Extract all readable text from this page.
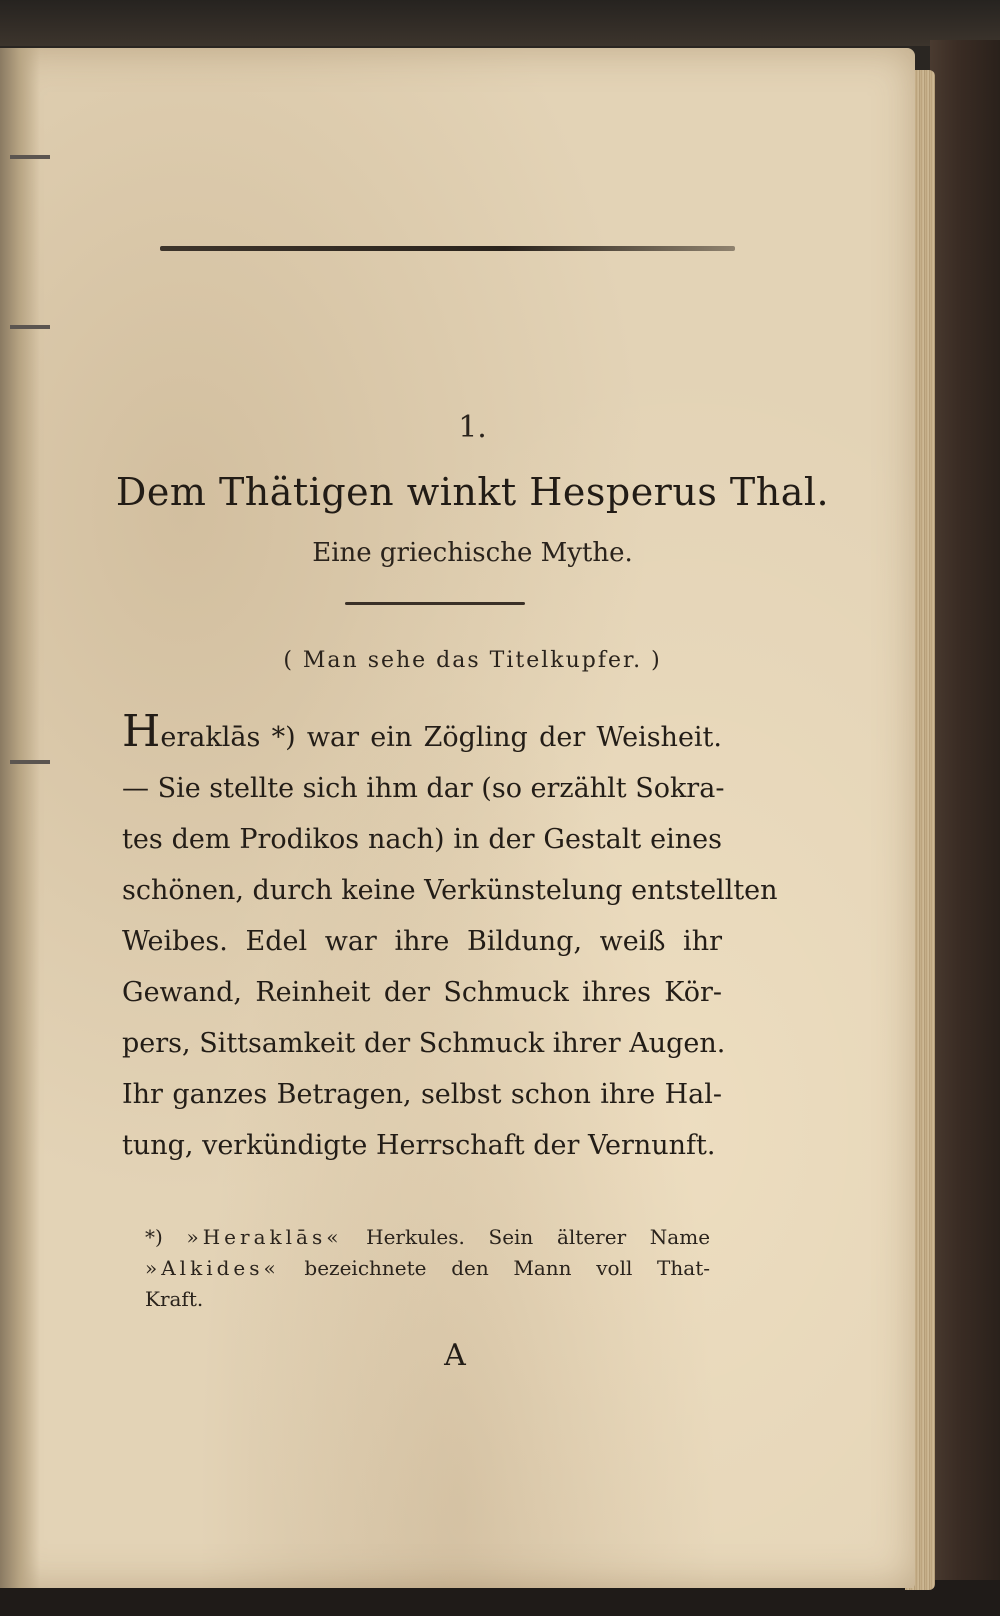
1.
Dem Thätigen winkt Hesperus Thal.
Eine griechische Mythe.
( Man sehe das Titelkupfer. )
Heraklās *) war ein Zögling der Weisheit.
— Sie stellte sich ihm dar (so erzählt Sokra-
tes dem Prodikos nach) in der Gestalt eines
schönen, durch keine Verkünstelung entstellten
Weibes. Edel war ihre Bildung, weiß ihr
Gewand, Reinheit der Schmuck ihres Kör-
pers, Sittsamkeit der Schmuck ihrer Augen.
Ihr ganzes Betragen, selbst schon ihre Hal-
tung, verkündigte Herrschaft der Vernunft.
*) »Heraklās« Herkules. Sein älterer Name
»Alkides« bezeichnete den Mann voll That-
Kraft.
A
